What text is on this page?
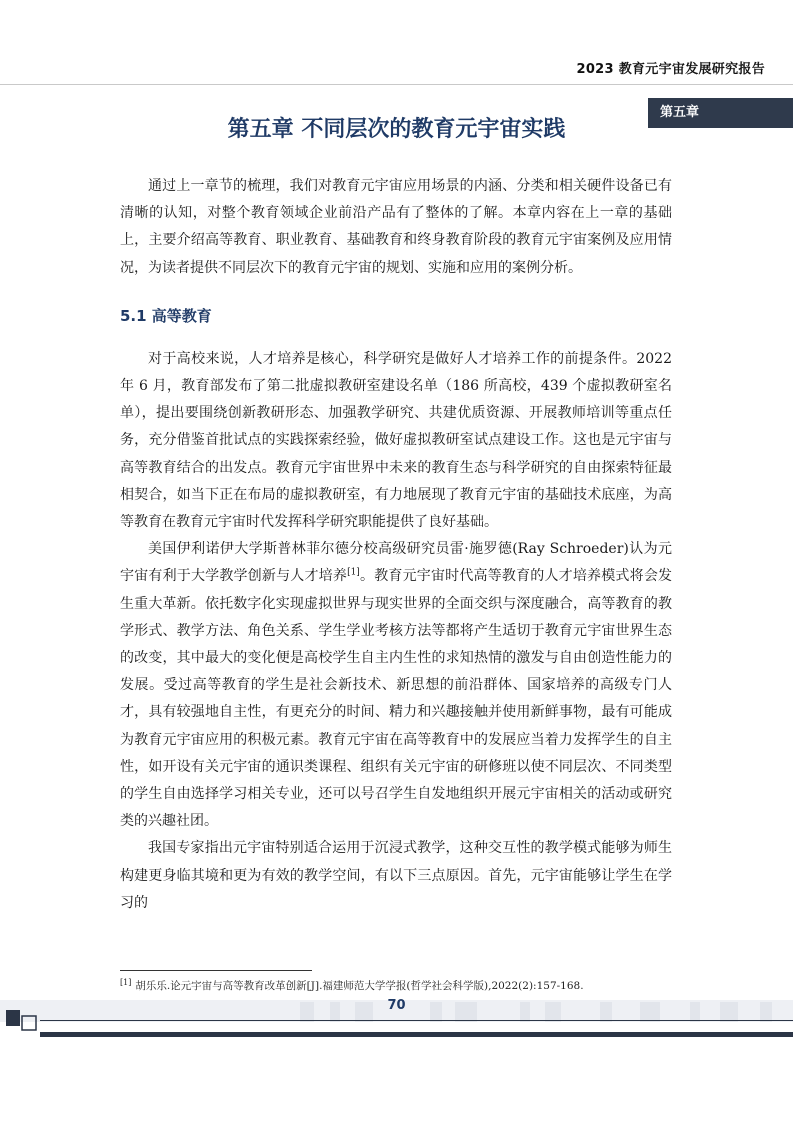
2023 教育元宇宙发展研究报告
第五章
第五章 不同层次的教育元宇宙实践

通过上一章节的梳理，我们对教育元宇宙应用场景的内涵、分类和相关硬件设备已有清晰的认知，对整个教育领域企业前沿产品有了整体的了解。本章内容在上一章的基础上，主要介绍高等教育、职业教育、基础教育和终身教育阶段的教育元宇宙案例及应用情况，为读者提供不同层次下的教育元宇宙的规划、实施和应用的案例分析。

5.1 高等教育

对于高校来说，人才培养是核心，科学研究是做好人才培养工作的前提条件。2022 年 6 月，教育部发布了第二批虚拟教研室建设名单（186 所高校，439 个虚拟教研室名单），提出要围绕创新教研形态、加强教学研究、共建优质资源、开展教师培训等重点任务，充分借鉴首批试点的实践探索经验，做好虚拟教研室试点建设工作。这也是元宇宙与高等教育结合的出发点。教育元宇宙世界中未来的教育生态与科学研究的自由探索特征最相契合，如当下正在布局的虚拟教研室，有力地展现了教育元宇宙的基础技术底座，为高等教育在教育元宇宙时代发挥科学研究职能提供了良好基础。

美国伊利诺伊大学斯普林菲尔德分校高级研究员雷·施罗德(Ray Schroeder)认为元宇宙有利于大学教学创新与人才培养[1]。教育元宇宙时代高等教育的人才培养模式将会发生重大革新。依托数字化实现虚拟世界与现实世界的全面交织与深度融合，高等教育的教学形式、教学方法、角色关系、学生学业考核方法等都将产生适切于教育元宇宙世界生态的改变，其中最大的变化便是高校学生自主内生性的求知热情的激发与自由创造性能力的发展。受过高等教育的学生是社会新技术、新思想的前沿群体、国家培养的高级专门人才，具有较强地自主性，有更充分的时间、精力和兴趣接触并使用新鲜事物，最有可能成为教育元宇宙应用的积极元素。教育元宇宙在高等教育中的发展应当着力发挥学生的自主性，如开设有关元宇宙的通识类课程、组织有关元宇宙的研修班以使不同层次、不同类型的学生自由选择学习相关专业，还可以号召学生自发地组织开展元宇宙相关的活动或研究类的兴趣社团。

我国专家指出元宇宙特别适合运用于沉浸式教学，这种交互性的教学模式能够为师生构建更身临其境和更为有效的教学空间，有以下三点原因。首先，元宇宙能够让学生在学习的

[1] 胡乐乐.论元宇宙与高等教育改革创新[J].福建师范大学学报(哲学社会科学版),2022(2):157-168.
70
